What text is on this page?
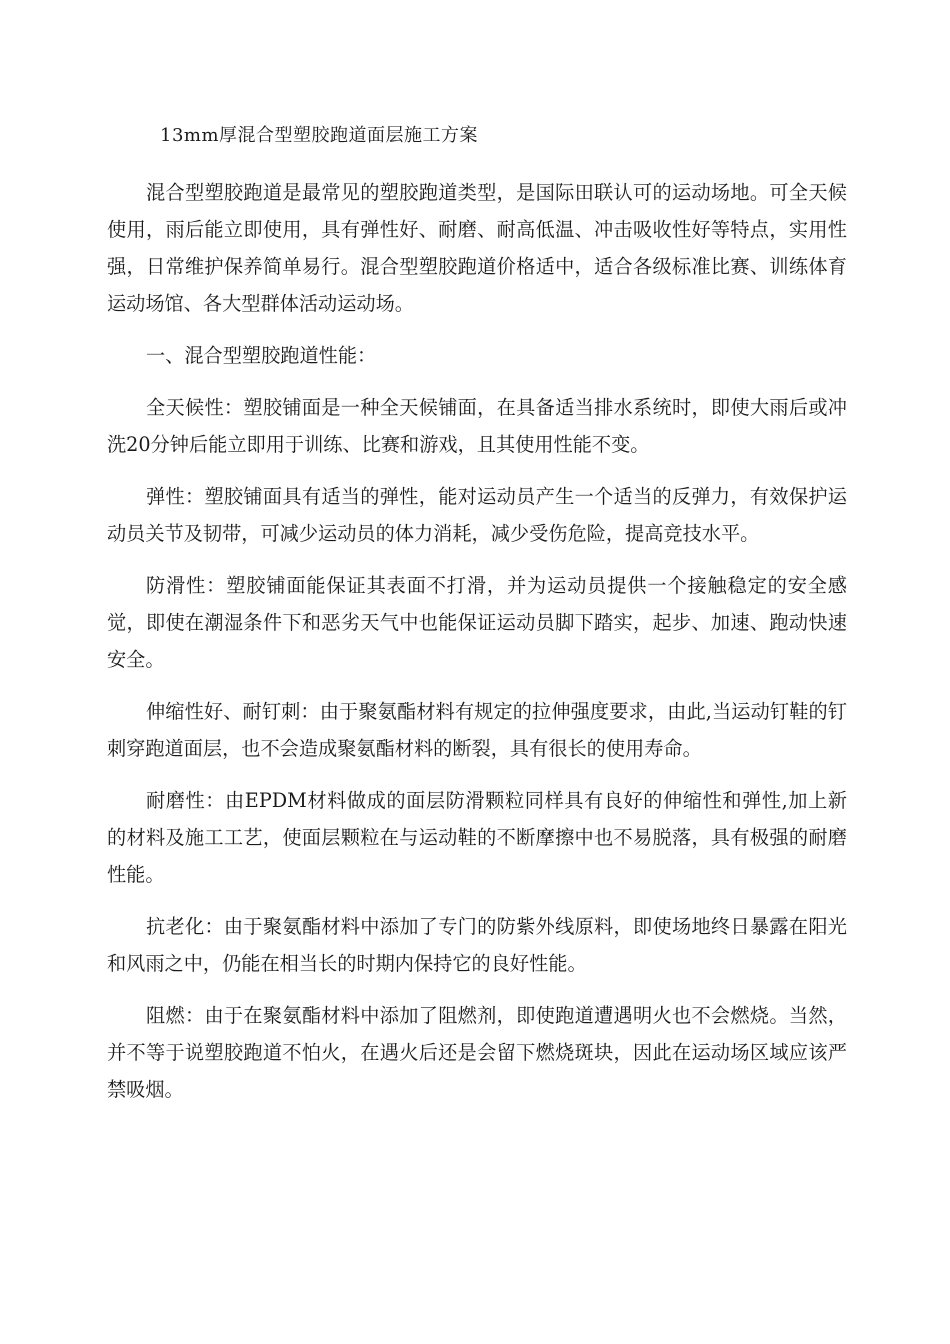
13mm厚混合型塑胶跑道面层施工方案

混合型塑胶跑道是最常见的塑胶跑道类型，是国际田联认可的运动场地。可全天候使用，雨后能立即使用，具有弹性好、耐磨、耐高低温、冲击吸收性好等特点，实用性强，日常维护保养简单易行。混合型塑胶跑道价格适中，适合各级标准比赛、训练体育运动场馆、各大型群体活动运动场。

一、混合型塑胶跑道性能：

全天候性：塑胶铺面是一种全天候铺面，在具备适当排水系统时，即使大雨后或冲洗20分钟后能立即用于训练、比赛和游戏，且其使用性能不变。

弹性：塑胶铺面具有适当的弹性，能对运动员产生一个适当的反弹力，有效保护运动员关节及韧带，可减少运动员的体力消耗，减少受伤危险，提高竞技水平。

防滑性：塑胶铺面能保证其表面不打滑，并为运动员提供一个接触稳定的安全感觉，即使在潮湿条件下和恶劣天气中也能保证运动员脚下踏实，起步、加速、跑动快速安全。

伸缩性好、耐钉刺：由于聚氨酯材料有规定的拉伸强度要求，由此,当运动钉鞋的钉刺穿跑道面层，也不会造成聚氨酯材料的断裂，具有很长的使用寿命。

耐磨性：由EPDM材料做成的面层防滑颗粒同样具有良好的伸缩性和弹性,加上新的材料及施工工艺，使面层颗粒在与运动鞋的不断摩擦中也不易脱落，具有极强的耐磨性能。

抗老化：由于聚氨酯材料中添加了专门的防紫外线原料，即使场地终日暴露在阳光和风雨之中，仍能在相当长的时期内保持它的良好性能。

阻燃：由于在聚氨酯材料中添加了阻燃剂，即使跑道遭遇明火也不会燃烧。当然，并不等于说塑胶跑道不怕火，在遇火后还是会留下燃烧斑块，因此在运动场区域应该严禁吸烟。
